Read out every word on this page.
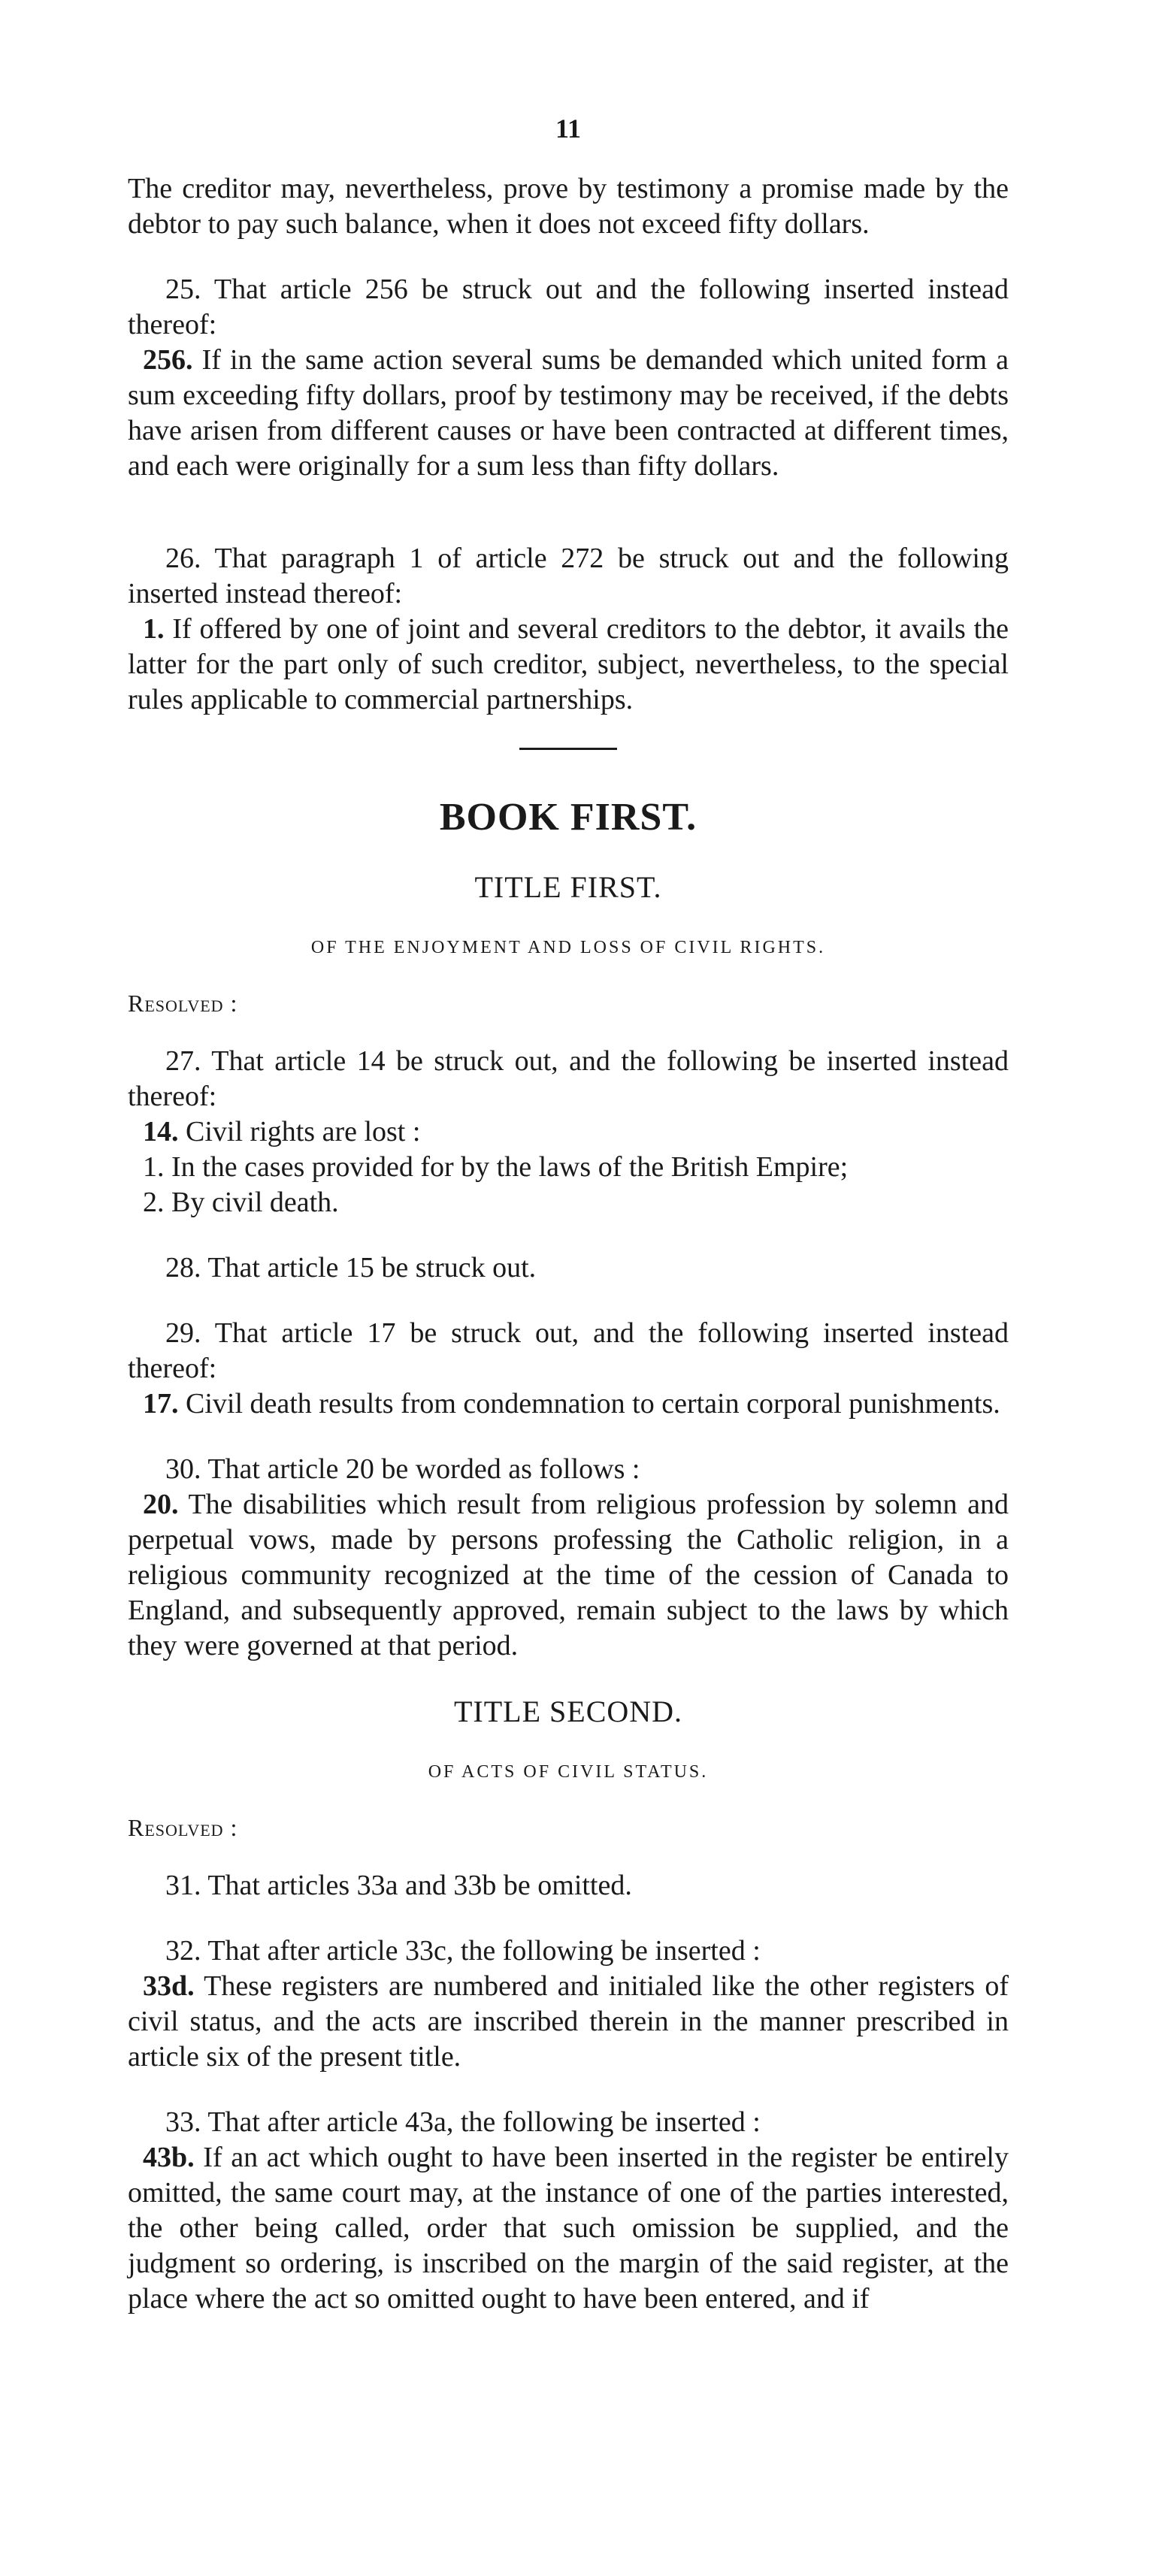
11

The creditor may, nevertheless, prove by testimony a promise made by the debtor to pay such balance, when it does not exceed fifty dollars.

25. That article 256 be struck out and the following inserted instead thereof:

256. If in the same action several sums be demanded which united form a sum exceeding fifty dollars, proof by testimony may be received, if the debts have arisen from different causes or have been contracted at different times, and each were originally for a sum less than fifty dollars.

26. That paragraph 1 of article 272 be struck out and the following inserted instead thereof:

1. If offered by one of joint and several creditors to the debtor, it avails the latter for the part only of such creditor, subject, nevertheless, to the special rules applicable to commercial partnerships.

BOOK FIRST.
TITLE FIRST.
OF THE ENJOYMENT AND LOSS OF CIVIL RIGHTS.
Resolved :

27. That article 14 be struck out, and the following be inserted instead thereof:

14. Civil rights are lost :

1. In the cases provided for by the laws of the British Empire;

2. By civil death.

28. That article 15 be struck out.

29. That article 17 be struck out, and the following inserted instead thereof:

17. Civil death results from condemnation to certain corporal punishments.

30. That article 20 be worded as follows :

20. The disabilities which result from religious profession by solemn and perpetual vows, made by persons professing the Catholic religion, in a religious community recognized at the time of the cession of Canada to England, and subsequently approved, remain subject to the laws by which they were governed at that period.

TITLE SECOND.
OF ACTS OF CIVIL STATUS.
Resolved :

31. That articles 33a and 33b be omitted.

32. That after article 33c, the following be inserted :

33d. These registers are numbered and initialed like the other registers of civil status, and the acts are inscribed therein in the manner prescribed in article six of the present title.

33. That after article 43a, the following be inserted :

43b. If an act which ought to have been inserted in the register be entirely omitted, the same court may, at the instance of one of the parties interested, the other being called, order that such omission be supplied, and the judgment so ordering, is inscribed on the margin of the said register, at the place where the act so omitted ought to have been entered, and if
